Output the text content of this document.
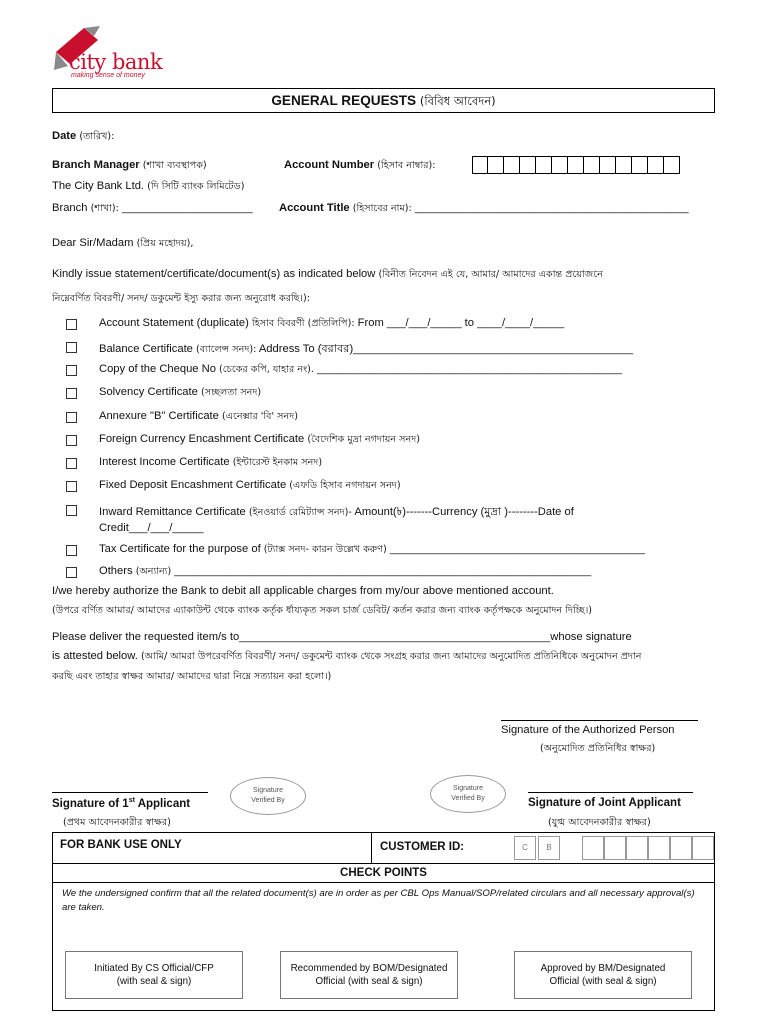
city bank
making sense of money
GENERAL REQUESTS (বিবিধ আবেদন)
Date (তারিখ):
Branch Manager (শাখা ব্যবস্থাপক)	Account Number (হিসাব নাম্বার):
The City Bank Ltd. (দি সিটি ব্যাংক লিমিটেড)
Branch (শাখা): _____________________ Account Title (হিসাবের নাম): ____________________________________________
Dear Sir/Madam (প্রিয় মহোদয়),
Kindly issue statement/certificate/document(s) as indicated below (বিনীত নিবেদন এই যে, আমার/ আমাদের একান্ত প্রয়োজনে
নিম্নেবর্ণিত বিবরণী/ সনদ/ ডকুমেন্ট ইস্যু করার জন্য অনুরোধ করছি।):
Account Statement (duplicate) হিসাব বিবরণী (প্রতিলিপি): From ___/___/_____ to ____/____/_____
Balance Certificate (ব্যালেন্স সনদ): Address To (বরাবর)_____________________________________________
Copy of the Cheque No (চেকের কপি, যাহার নং). _________________________________________________
Solvency Certificate (সচ্ছলতা সনদ)
Annexure "B" Certificate (এনেক্সার 'বি' সনদ)
Foreign Currency Encashment Certificate (বৈদেশিক মুদ্রা নগদায়ন সনদ)
Interest Income Certificate (ইন্টারেস্ট ইনকাম সনদ)
Fixed Deposit Encashment Certificate (এফডি হিসাব নগদায়ন সনদ)
Inward Remittance Certificate (ইনওয়ার্ড রেমিট্যান্স সনদ)- Amount(৳)-------Currency (মুদ্রা )--------Date of
Credit___/___/_____
Tax Certificate for the purpose of (ট্যাক্স সনদ- কারন উল্লেখ করুণ) _________________________________________
Others (অন্যান্য) ___________________________________________________________________
I/we hereby authorize the Bank to debit all applicable charges from my/our above mentioned account.
(উপরে বর্ণিত আমার/ আমাদের এ্যাকাউন্ট থেকে ব্যাংক কর্তৃক র্ধায্যকৃত সকল চার্জ ডেবিট/ কর্তন করার জন্য ব্যাংক কর্তৃপক্ষকে অনুমোদন দিচ্ছি।)
Please deliver the requested item/s to__________________________________________________whose signature
is attested below. (আমি/ আমরা উপরেবর্ণিত বিবরণী/ সনদ/ ডকুমেন্ট ব্যাংক থেকে সংগ্রহ করার জন্য আমাদের অনুমোদিত প্রতিনিধিকে অনুমোদন প্রদান
করছি এবং তাহার স্বাক্ষর আমার/ আমাদের দ্বারা নিম্নে সত্যায়ন করা হলো।)
Signature of the Authorized Person
(অনুমোদিত প্রতিনিধির স্বাক্ষর)
Signature
Verified By
Signature
Verified By
Signature of 1st Applicant
(প্রথম আবেদনকারীর স্বাক্ষর)
Signature of Joint Applicant
(যুগ্ম আবেদনকারীর স্বাক্ষর)
FOR BANK USE ONLY	CUSTOMER ID:	C	B
CHECK POINTS
We the undersigned confirm that all the related document(s) are in order as per CBL Ops Manual/SOP/related circulars and all necessary approval(s) are taken.
Initiated By CS Official/CFP
(with seal & sign)
Recommended by BOM/Designated
Official (with seal & sign)
Approved by BM/Designated
Official (with seal & sign)
